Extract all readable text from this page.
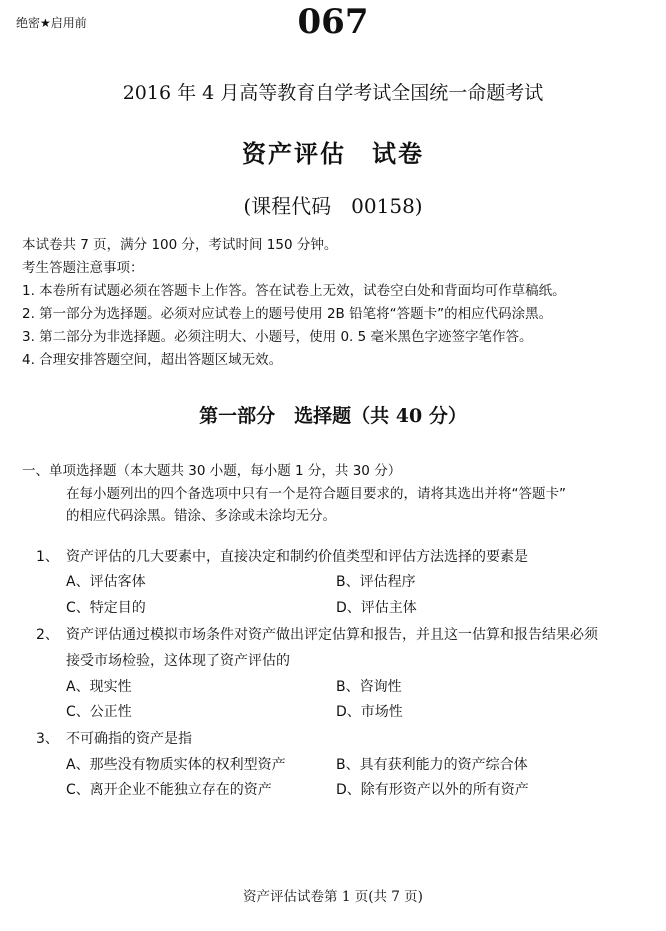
绝密★启用前	067
2016 年 4 月高等教育自学考试全国统一命题考试
资产评估　试卷
(课程代码　00158)
本试卷共 7 页，满分 100 分，考试时间 150 分钟。
考生答题注意事项：
1. 本卷所有试题必须在答题卡上作答。答在试卷上无效，试卷空白处和背面均可作草稿纸。
2. 第一部分为选择题。必须对应试卷上的题号使用 2B 铅笔将“答题卡”的相应代码涂黑。
3. 第二部分为非选择题。必须注明大、小题号，使用 0. 5 毫米黑色字迹签字笔作答。
4. 合理安排答题空间，超出答题区域无效。
第一部分　选择题（共 40 分）
一、单项选择题（本大题共 30 小题，每小题 1 分，共 30 分）
在每小题列出的四个备选项中只有一个是符合题目要求的，请将其选出并将“答题卡”
的相应代码涂黑。错涂、多涂或未涂均无分。
1、 资产评估的几大要素中，直接决定和制约价值类型和评估方法选择的要素是
A、评估客体	B、评估程序
C、特定目的	D、评估主体
2、 资产评估通过模拟市场条件对资产做出评定估算和报告，并且这一估算和报告结果必须
接受市场检验，这体现了资产评估的
A、现实性	B、咨询性
C、公正性	D、市场性
3、 不可确指的资产是指
A、那些没有物质实体的权利型资产	B、具有获利能力的资产综合体
C、离开企业不能独立存在的资产	D、除有形资产以外的所有资产
资产评估试卷第 1 页(共 7 页)
